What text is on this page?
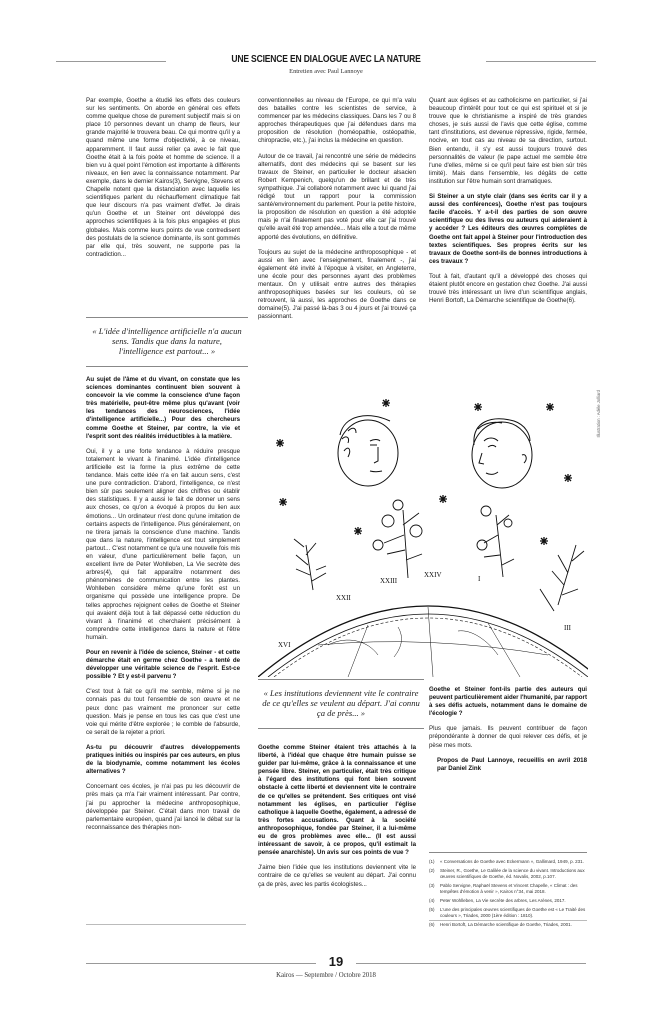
UNE SCIENCE EN DIALOGUE AVEC LA NATURE
Entretien avec Paul Lannoye

Par exemple, Goethe a étudié les effets des couleurs sur les sentiments. On aborde en général ces effets comme quelque chose de purement subjectif mais si on place 10 personnes devant un champ de fleurs, leur grande majorité le trouvera beau. Ce qui montre qu'il y a quand même une forme d'objectivité, à ce niveau, apparemment. Il faut aussi relier ça avec le fait que Goethe était à la fois poète et homme de science. Il a bien vu à quel point l'émotion est importante à différents niveaux, en lien avec la connaissance notamment. Par exemple, dans le dernier Kairos(3), Servigne, Stevens et Chapelle notent que la distanciation avec laquelle les scientifiques parlent du réchauffement climatique fait que leur discours n'a pas vraiment d'effet. Je dirais qu'un Goethe et un Steiner ont développé des approches scientifiques à la fois plus engagées et plus globales. Mais comme leurs points de vue contredisent des postulats de la science dominante, ils sont gommés par elle qui, très souvent, ne supporte pas la contradiction...

« L'idée d'intelligence artificielle n'a aucun sens. Tandis que dans la nature, l'intelligence est partout... »

Au sujet de l'âme et du vivant, on constate que les sciences dominantes continuent bien souvent à concevoir la vie comme la conscience d'une façon très matérielle, peut-être même plus qu'avant (voir les tendances des neurosciences, l'idée d'intelligence artificielle...) Pour des chercheurs comme Goethe et Steiner, par contre, la vie et l'esprit sont des réalités irréductibles à la matière.

Oui, il y a une forte tendance à réduire presque totalement le vivant à l'inanimé. L'idée d'intelligence artificielle est la forme la plus extrême de cette tendance. Mais cette idée n'a en fait aucun sens, c'est une pure contradiction. D'abord, l'intelligence, ce n'est bien sûr pas seulement aligner des chiffres ou établir des statistiques. Il y a aussi le fait de donner un sens aux choses, ce qu'on a évoqué à propos du lien aux émotions... Un ordinateur n'est donc qu'une imitation de certains aspects de l'intelligence. Plus généralement, on ne tirera jamais la conscience d'une machine. Tandis que dans la nature, l'intelligence est tout simplement partout... C'est notamment ce qu'a une nouvelle fois mis en valeur, d'une particulièrement belle façon, un excellent livre de Peter Wohlleben, La Vie secrète des arbres(4), qui fait apparaître notamment des phénomènes de communication entre les plantes. Wohlleben considère même qu'une forêt est un organisme qui possède une intelligence propre. De telles approches rejoignent celles de Goethe et Steiner qui avaient déjà tout à fait dépassé cette réduction du vivant à l'inanimé et cherchaient précisément à comprendre cette intelligence dans la nature et l'être humain.

Pour en revenir à l'idée de science, Steiner - et cette démarche était en germe chez Goethe - a tenté de développer une véritable science de l'esprit. Est-ce possible ? Et y est-il parvenu ?

C'est tout à fait ce qu'il me semble, même si je ne connais pas du tout l'ensemble de son œuvre et ne peux donc pas vraiment me prononcer sur cette question. Mais je pense en tous les cas que c'est une voie qui mérite d'être explorée ; le comble de l'absurde, ce serait de la rejeter a priori.

As-tu pu découvrir d'autres développements pratiques initiés ou inspirés par ces auteurs, en plus de la biodynamie, comme notamment les écoles alternatives ?

Concernant ces écoles, je n'ai pas pu les découvrir de près mais ça m'a l'air vraiment intéressant. Par contre, j'ai pu approcher la médecine anthroposophique, développée par Steiner. C'était dans mon travail de parlementaire européen, quand j'ai lancé le débat sur la reconnaissance des thérapies non-

conventionnelles au niveau de l'Europe, ce qui m'a valu des batailles contre les scientistes de service, à commencer par les médecins classiques. Dans les 7 ou 8 approches thérapeutiques que j'ai défendues dans ma proposition de résolution (homéopathie, ostéopathie, chiropractie, etc.), j'ai inclus la médecine en question.

Autour de ce travail, j'ai rencontré une série de médecins alternatifs, dont des médecins qui se basent sur les travaux de Steiner, en particulier le docteur alsacien Robert Kempenich, quelqu'un de brillant et de très sympathique. J'ai collaboré notamment avec lui quand j'ai rédigé tout un rapport pour la commission santé/environnement du parlement. Pour la petite histoire, la proposition de résolution en question a été adoptée mais je n'ai finalement pas voté pour elle car j'ai trouvé qu'elle avait été trop amendée... Mais elle a tout de même apporté des évolutions, en définitive.

Toujours au sujet de la médecine anthroposophique - et aussi en lien avec l'enseignement, finalement -, j'ai également été invité à l'époque à visiter, en Angleterre, une école pour des personnes ayant des problèmes mentaux. On y utilisait entre autres des thérapies anthroposophiques basées sur les couleurs, où se retrouvent, là aussi, les approches de Goethe dans ce domaine(5). J'ai passé là-bas 3 ou 4 jours et j'ai trouvé ça passionnant.

XVI
XXII
XXIII
XXIV	I
III
Illustration : Adèle Jolliard
« Les institutions deviennent vite le contraire de ce qu'elles se veulent au départ. J'ai connu ça de près... »

Goethe comme Steiner étaient très attachés à la liberté, à l'idéal que chaque être humain puisse se guider par lui-même, grâce à la connaissance et une pensée libre. Steiner, en particulier, était très critique à l'égard des institutions qui font bien souvent obstacle à cette liberté et deviennent vite le contraire de ce qu'elles se prétendent. Ses critiques ont visé notamment les églises, en particulier l'église catholique à laquelle Goethe, également, a adressé de très fortes accusations. Quant à la société anthroposophique, fondée par Steiner, il a lui-même eu de gros problèmes avec elle... (Il est aussi intéressant de savoir, à ce propos, qu'il estimait la pensée anarchiste). Un avis sur ces points de vue ?

J'aime bien l'idée que les institutions deviennent vite le contraire de ce qu'elles se veulent au départ. J'ai connu ça de près, avec les partis écologistes...

Quant aux églises et au catholicisme en particulier, si j'ai beaucoup d'intérêt pour tout ce qui est spirituel et si je trouve que le christianisme a inspiré de très grandes choses, je suis aussi de l'avis que cette église, comme tant d'institutions, est devenue répressive, rigide, fermée, nocive, en tout cas au niveau de sa direction, surtout. Bien entendu, il s'y est aussi toujours trouvé des personnalités de valeur (le pape actuel me semble être l'une d'elles, même si ce qu'il peut faire est bien sûr très limité). Mais dans l'ensemble, les dégâts de cette institution sur l'être humain sont dramatiques.

Si Steiner a un style clair (dans ses écrits car il y a aussi des conférences), Goethe n'est pas toujours facile d'accès. Y a-t-il des parties de son œuvre scientifique ou des livres ou auteurs qui aideraient à y accéder ? Les éditeurs des œuvres complètes de Goethe ont fait appel à Steiner pour l'introduction des textes scientifiques. Ses propres écrits sur les travaux de Goethe sont-ils de bonnes introductions à ces travaux ?

Tout à fait, d'autant qu'il a développé des choses qui étaient plutôt encore en gestation chez Goethe. J'ai aussi trouvé très intéressant un livre d'un scientifique anglais, Henri Bortoft, La Démarche scientifique de Goethe(6).

Goethe et Steiner font-ils partie des auteurs qui peuvent particulièrement aider l'humanité, par rapport à ses défis actuels, notamment dans le domaine de l'écologie ?

Plus que jamais. Ils peuvent contribuer de façon prépondérante à donner de quoi relever ces défis, et je pèse mes mots.

Propos de Paul Lannoye, recueillis en avril 2018 par Daniel Zink

(1)	« Conversations de Goethe avec Eckermann », Gallimard, 1949, p. 231.
(2)	Steiner, R., Goethe, Le Galilée de la science du vivant. Introductions aux œuvres scientifiques de Goethe, éd. Novalis, 2002, p.107.
(3)	Pablo Servigne, Raphaël Stevens et Vincent Chapelle, « Climat : des tempêtes d'émotion à venir », Kairos n°34, mai 2018.
(4)	Peter Wohlleben, La Vie secrète des arbres, Les Arènes, 2017.
(5)	L'une des principales œuvres scientifiques de Goethe est « Le Traité des couleurs », Triades, 2000 (1ère édition : 1810).
(6)	Henri Bortoft, La Démarche scientifique de Goethe, Triades, 2001.
19
Kairos — Septembre / Octobre 2018
